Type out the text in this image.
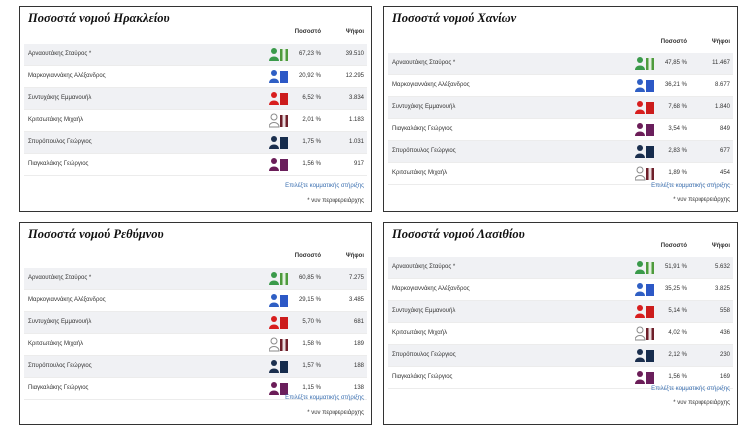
Ποσοστά νομού Ηρακλείου
Ποσοστό	Ψήφοι
Αρναουτάκης Σταύρος *	67,23 %	39.510
Μαρκογιαννάκης Αλέξανδρος	20,92 %	12.295
Συντυχάκης Εμμανουήλ	6,52 %	3.834
Κριτσωτάκης Μιχαήλ	2,01 %	1.183
Σπυρόπουλος Γεώργιος	1,75 %	1.031
Πιαγκαλάκης Γεώργιος	1,56 %	917
Επιλέξτε κομματικής στήριξης
* νυν περιφερειάρχης
Ποσοστά νομού Χανίων
Ποσοστό	Ψήφοι
Αρναουτάκης Σταύρος *	47,85 %	11.467
Μαρκογιαννάκης Αλέξανδρος	36,21 %	8.677
Συντυχάκης Εμμανουήλ	7,68 %	1.840
Πιαγκαλάκης Γεώργιος	3,54 %	849
Σπυρόπουλος Γεώργιος	2,83 %	677
Κριτσωτάκης Μιχαήλ	1,89 %	454
Επιλέξτε κομματικής στήριξης
* νυν περιφερειάρχης
Ποσοστά νομού Ρεθύμνου
Ποσοστό	Ψήφοι
Αρναουτάκης Σταύρος *	60,85 %	7.275
Μαρκογιαννάκης Αλέξανδρος	29,15 %	3.485
Συντυχάκης Εμμανουήλ	5,70 %	681
Κριτσωτάκης Μιχαήλ	1,58 %	189
Σπυρόπουλος Γεώργιος	1,57 %	188
Πιαγκαλάκης Γεώργιος	1,15 %	138
Επιλέξτε κομματικής στήριξης
* νυν περιφερειάρχης
Ποσοστά νομού Λασιθίου
Ποσοστό	Ψήφοι
Αρναουτάκης Σταύρος *	51,91 %	5.632
Μαρκογιαννάκης Αλέξανδρος	35,25 %	3.825
Συντυχάκης Εμμανουήλ	5,14 %	558
Κριτσωτάκης Μιχαήλ	4,02 %	436
Σπυρόπουλος Γεώργιος	2,12 %	230
Πιαγκαλάκης Γεώργιος	1,56 %	169
Επιλέξτε κομματικής στήριξης
* νυν περιφερειάρχης
